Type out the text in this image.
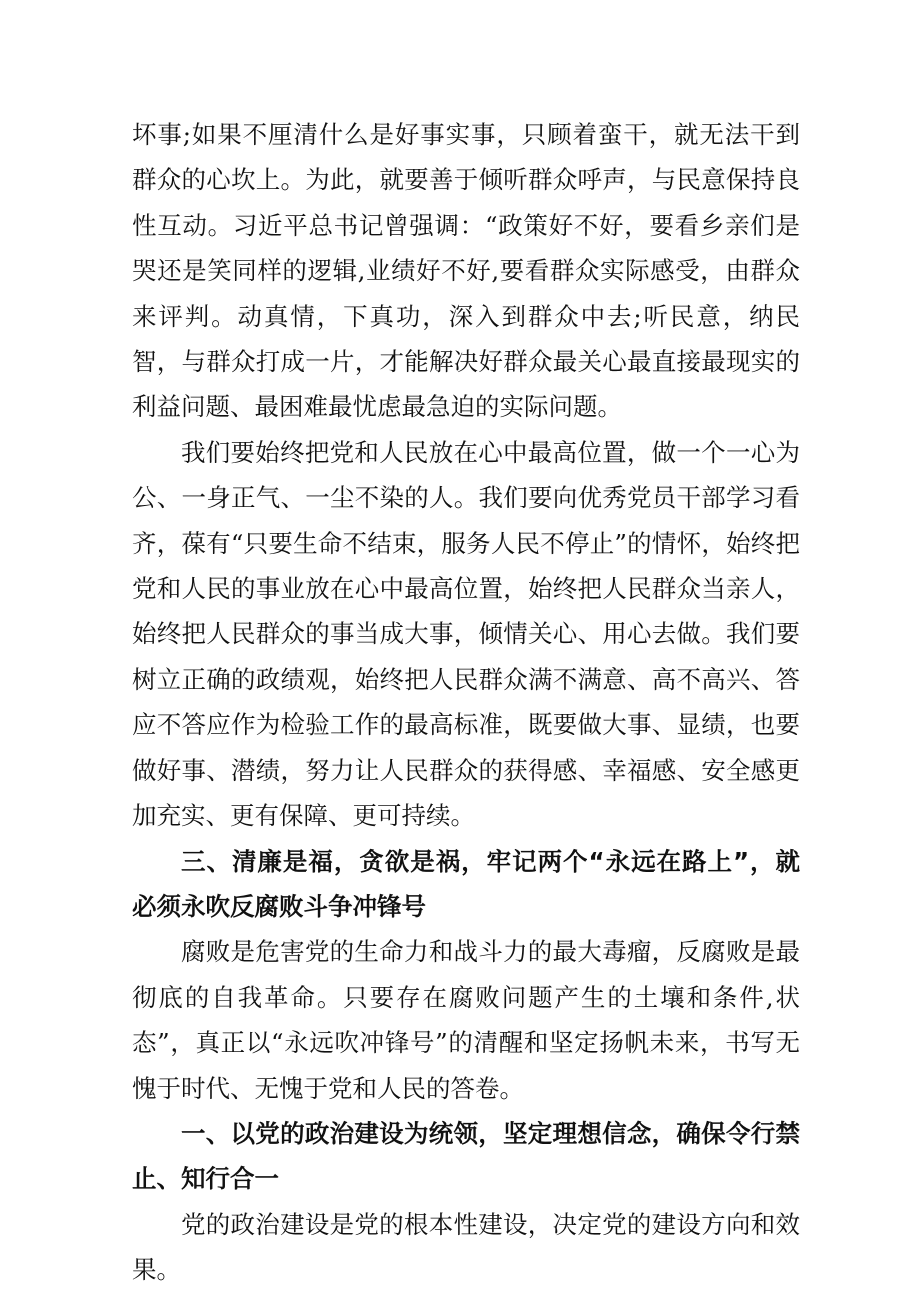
坏事;如果不厘清什么是好事实事，只顾着蛮干，就无法干到群众的心坎上。为此，就要善于倾听群众呼声，与民意保持良性互动。习近平总书记曾强调：“政策好不好，要看乡亲们是哭还是笑同样的逻辑,业绩好不好,要看群众实际感受，由群众来评判。动真情，下真功，深入到群众中去;听民意，纳民智，与群众打成一片，才能解决好群众最关心最直接最现实的利益问题、最困难最忧虑最急迫的实际问题。

我们要始终把党和人民放在心中最高位置，做一个一心为公、一身正气、一尘不染的人。我们要向优秀党员干部学习看齐，葆有“只要生命不结束，服务人民不停止”的情怀，始终把党和人民的事业放在心中最高位置，始终把人民群众当亲人，始终把人民群众的事当成大事，倾情关心、用心去做。我们要树立正确的政绩观，始终把人民群众满不满意、高不高兴、答应不答应作为检验工作的最高标准，既要做大事、显绩，也要做好事、潜绩，努力让人民群众的获得感、幸福感、安全感更加充实、更有保障、更可持续。

三、清廉是福，贪欲是祸，牢记两个“永远在路上”，就必须永吹反腐败斗争冲锋号

腐败是危害党的生命力和战斗力的最大毒瘤，反腐败是最彻底的自我革命。只要存在腐败问题产生的土壤和条件,状态”，真正以“永远吹冲锋号”的清醒和坚定扬帆未来，书写无愧于时代、无愧于党和人民的答卷。

一、以党的政治建设为统领，坚定理想信念，确保令行禁止、知行合一

党的政治建设是党的根本性建设，决定党的建设方向和效果。
